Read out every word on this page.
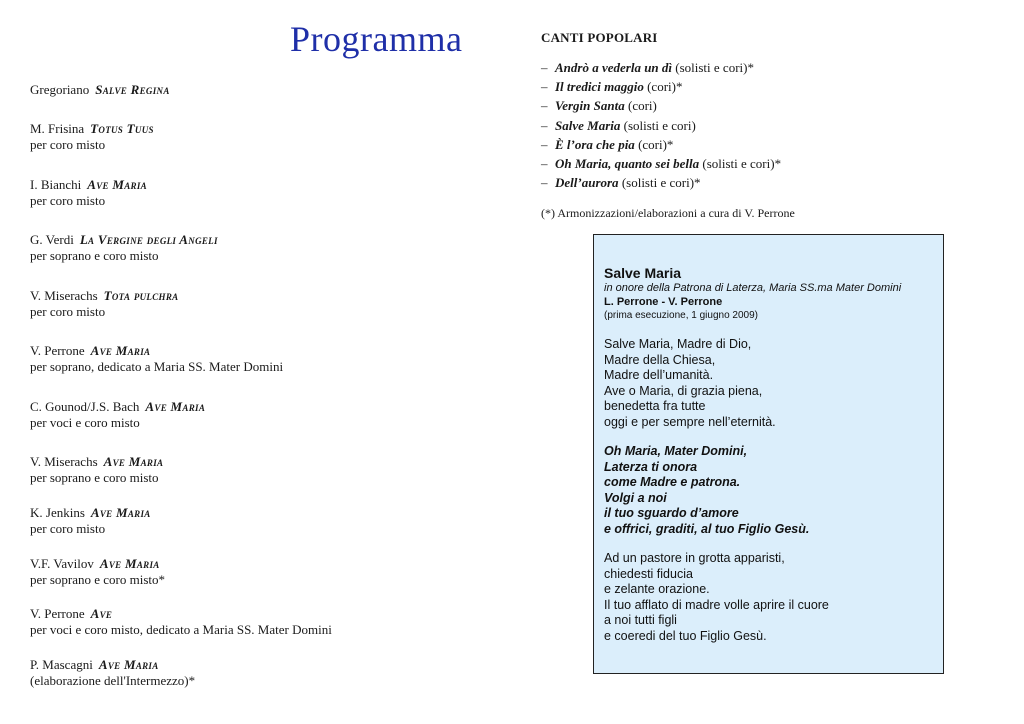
Programma
Gregoriano Salve Regina
M. Frisina Totus Tuus
per coro misto
I. Bianchi Ave Maria
per coro misto
G. Verdi La Vergine degli Angeli
per soprano e coro misto
V. Miserachs Tota pulchra
per coro misto
V. Perrone Ave Maria
per soprano, dedicato a Maria SS. Mater Domini
C. Gounod/J.S. Bach Ave Maria
per voci e coro misto
V. Miserachs Ave Maria
per soprano e coro misto
K. Jenkins Ave Maria
per coro misto
V.F. Vavilov Ave Maria
per soprano e coro misto*
V. Perrone Ave
per voci e coro misto, dedicato a Maria SS. Mater Domini
P. Mascagni Ave Maria
(elaborazione dell'Intermezzo)*
CANTI POPOLARI
– Andrò a vederla un dì (solisti e cori)*
– Il tredici maggio (cori)*
– Vergin Santa (cori)
– Salve Maria (solisti e cori)
– È l’ora che pia (cori)*
– Oh Maria, quanto sei bella (solisti e cori)*
– Dell’aurora (solisti e cori)*
(*) Armonizzazioni/elaborazioni a cura di V. Perrone
Salve Maria
in onore della Patrona di Laterza, Maria SS.ma Mater Domini
L. Perrone - V. Perrone
(prima esecuzione, 1 giugno 2009)
Salve Maria, Madre di Dio,
Madre della Chiesa,
Madre dell’umanità.
Ave o Maria, di grazia piena,
benedetta fra tutte
oggi e per sempre nell’eternità.
Oh Maria, Mater Domini,
Laterza ti onora
come Madre e patrona.
Volgi a noi
il tuo sguardo d’amore
e offrici, graditi, al tuo Figlio Gesù.
Ad un pastore in grotta apparisti,
chiedesti fiducia
e zelante orazione.
Il tuo afflato di madre volle aprire il cuore
a noi tutti figli
e coeredi del tuo Figlio Gesù.
